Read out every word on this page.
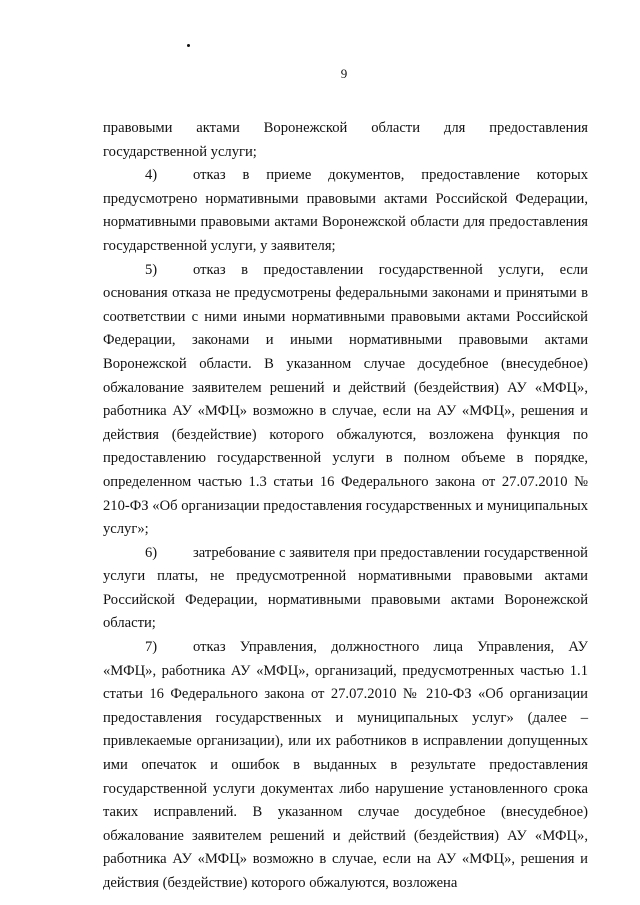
9

правовыми актами Воронежской области для предоставления государственной услуги;

4) отказ в приеме документов, предоставление которых предусмотрено нормативными правовыми актами Российской Федерации, нормативными правовыми актами Воронежской области для предоставления государственной услуги, у заявителя;

5) отказ в предоставлении государственной услуги, если основания отказа не предусмотрены федеральными законами и принятыми в соответствии с ними иными нормативными правовыми актами Российской Федерации, законами и иными нормативными правовыми актами Воронежской области. В указанном случае досудебное (внесудебное) обжалование заявителем решений и действий (бездействия) АУ «МФЦ», работника АУ «МФЦ» возможно в случае, если на АУ «МФЦ», решения и действия (бездействие) которого обжалуются, возложена функция по предоставлению государственной услуги в полном объеме в порядке, определенном частью 1.3 статьи 16 Федерального закона от 27.07.2010 № 210-ФЗ «Об организации предоставления государственных и муниципальных услуг»;

6) затребование с заявителя при предоставлении государственной услуги платы, не предусмотренной нормативными правовыми актами Российской Федерации, нормативными правовыми актами Воронежской области;

7) отказ Управления, должностного лица Управления, АУ «МФЦ», работника АУ «МФЦ», организаций, предусмотренных частью 1.1 статьи 16 Федерального закона от 27.07.2010 № 210-ФЗ «Об организации предоставления государственных и муниципальных услуг» (далее – привлекаемые организации), или их работников в исправлении допущенных ими опечаток и ошибок в выданных в результате предоставления государственной услуги документах либо нарушение установленного срока таких исправлений. В указанном случае досудебное (внесудебное) обжалование заявителем решений и действий (бездействия) АУ «МФЦ», работника АУ «МФЦ» возможно в случае, если на АУ «МФЦ», решения и действия (бездействие) которого обжалуются, возложена
